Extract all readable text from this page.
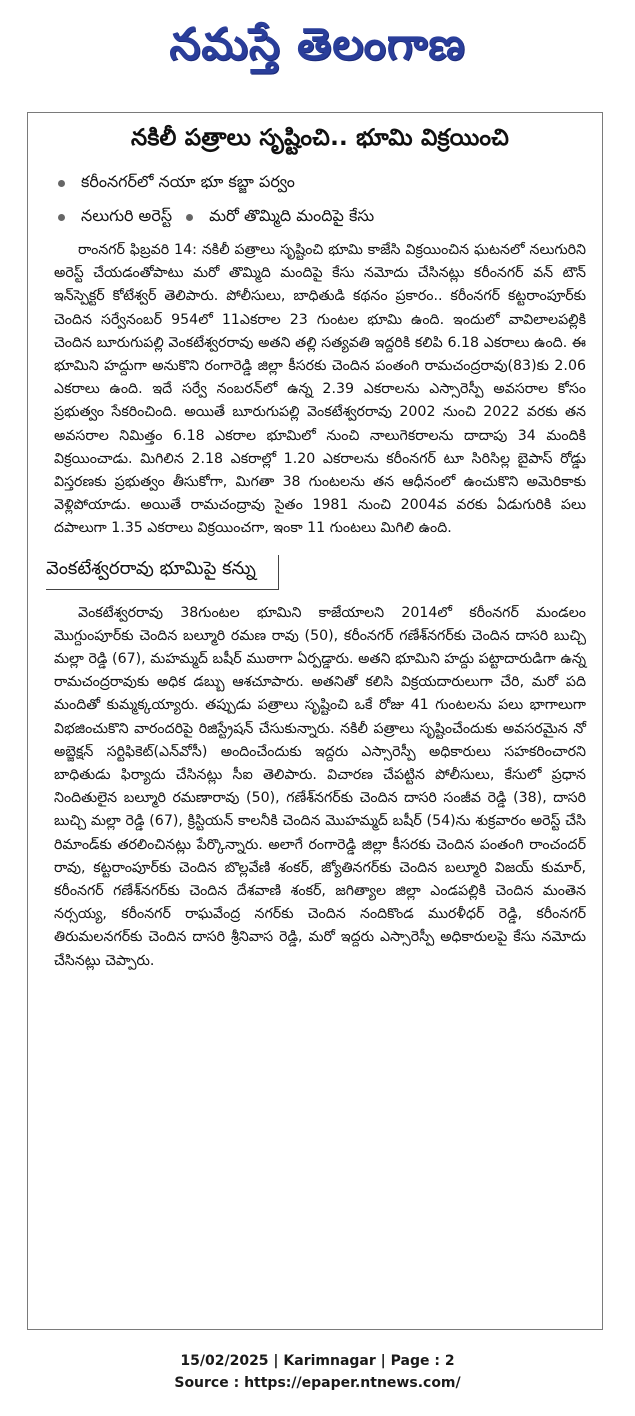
నమస్తే తెలంగాణ
నకిలీ పత్రాలు సృష్టించి.. భూమి విక్రయించి
కరీంనగర్‌లో నయా భూ కబ్జా పర్వం
నలుగురి అరెస్ట్ మరో తొమ్మిది మందిపై కేసు

రాంనగర్ ఫిబ్రవరి 14: నకిలీ పత్రాలు సృష్టించి భూమి కాజేసి విక్రయించిన ఘటనలో నలుగురిని అరెస్ట్ చేయడంతోపాటు మరో తొమ్మిది మందిపై కేసు నమోదు చేసినట్లు కరీంనగర్ వన్ టౌన్ ఇన్‌స్పెక్టర్ కోటేశ్వర్ తెలిపారు. పోలీసులు, బాధితుడి కథనం ప్రకారం.. కరీంనగర్ కట్టరాంపూర్‌కు చెందిన సర్వేనంబర్ 954లో 11ఎకరాల 23 గుంటల భూమి ఉంది. ఇందులో వావిలాలపల్లికి చెందిన బూరుగుపల్లి వెంకటేశ్వరరావు అతని తల్లి సత్యవతి ఇద్దరికి కలిపి 6.18 ఎకరాలు ఉంది. ఈ భూమిని హద్దుగా అనుకొని రంగారెడ్డి జిల్లా కీసరకు చెందిన పంతంగి రామచంద్రరావు(83)కు 2.06 ఎకరాలు ఉంది. ఇదే సర్వే నంబరన్‌లో ఉన్న 2.39 ఎకరాలను ఎస్సారెస్పీ అవసరాల కోసం ప్రభుత్వం సేకరించింది. అయితే బూరుగుపల్లి వెంకటేశ్వరరావు 2002 నుంచి 2022 వరకు తన అవసరాల నిమిత్తం 6.18 ఎకరాల భూమిలో నుంచి నాలుగెకరాలను దాదాపు 34 మందికి విక్రయించాడు. మిగిలిన 2.18 ఎకరాల్లో 1.20 ఎకరాలను కరీంనగర్ టూ సిరిసిల్ల బైపాస్ రోడ్డు విస్తరణకు ప్రభుత్వం తీసుకోగా, మిగతా 38 గుంటలను తన ఆధీనంలో ఉంచుకొని అమెరికాకు వెళ్లిపోయాడు. అయితే రామచంద్రావు సైతం 1981 నుంచి 2004వ వరకు ఏడుగురికి పలు దపాలుగా 1.35 ఎకరాలు విక్రయించగా, ఇంకా 11 గుంటలు మిగిలి ఉంది.

వెంకటేశ్వరరావు భూమిపై కన్ను

వెంకటేశ్వరరావు 38గుంటల భూమిని కాజేయాలని 2014లో కరీంనగర్ మండలం మొగ్దుంపూర్‌కు చెందిన బల్మూరి రమణ రావు (50), కరీంనగర్ గణేశ్‌నగర్‌కు చెందిన దాసరి బుచ్చి మల్లా రెడ్డి (67), మహమ్మద్ బషీర్ ముఠాగా ఏర్పడ్డారు. అతని భూమిని హద్దు పట్టాదారుడిగా ఉన్న రామచంద్రరావుకు అధిక డబ్బు ఆశచూపారు. అతనితో కలిసి విక్రయదారులుగా చేరి, మరో పది మందితో కుమ్మక్కయ్యారు. తప్పుడు పత్రాలు సృష్టించి ఒకే రోజు 41 గుంటలను పలు భాగాలుగా విభజించుకొని వారందరిపై రిజిస్ట్రేషన్ చేసుకున్నారు. నకిలీ పత్రాలు సృష్టించేందుకు అవసరమైన నో అబ్జెక్షన్ సర్టిఫికెట్(ఎన్‌వోసీ) అందించేందుకు ఇద్దరు ఎస్సారెస్పీ అధికారులు సహకరించారని బాధితుడు ఫిర్యాదు చేసినట్లు సీఐ తెలిపారు. విచారణ చేపట్టిన పోలీసులు, కేసులో ప్రధాన నిందితులైన బల్మూరి రమణారావు (50), గణేశ్‌నగర్‌కు చెందిన దాసరి సంజీవ రెడ్డి (38), దాసరి బుచ్చి మల్లా రెడ్డి (67), క్రిస్టియన్ కాలనీకి చెందిన మొహమ్మద్ బషీర్ (54)ను శుక్రవారం అరెస్ట్ చేసి రిమాండ్‌కు తరలించినట్లు పేర్కొన్నారు. అలాగే రంగారెడ్డి జిల్లా కీసరకు చెందిన పంతంగి రాంచందర్ రావు, కట్టరాంపూర్‌కు చెందిన బొల్లవేణి శంకర్, జ్యోతినగర్‌కు చెందిన బల్మూరి విజయ్ కుమార్, కరీంనగర్ గణేశ్‌నగర్‌కు చెందిన దేశవాణి శంకర్, జగిత్యాల జిల్లా ఎండపల్లికి చెందిన మంతెన నర్సయ్య, కరీంనగర్ రాఘవేంద్ర నగర్‌కు చెందిన నందికొండ మురళీధర్ రెడ్డి, కరీంనగర్ తిరుమలనగర్‌కు చెందిన దాసరి శ్రీనివాస రెడ్డి, మరో ఇద్దరు ఎస్సారెస్పీ అధికారులపై కేసు నమోదు చేసినట్లు చెప్పారు.

15/02/2025 | Karimnagar | Page : 2
Source : https://epaper.ntnews.com/
